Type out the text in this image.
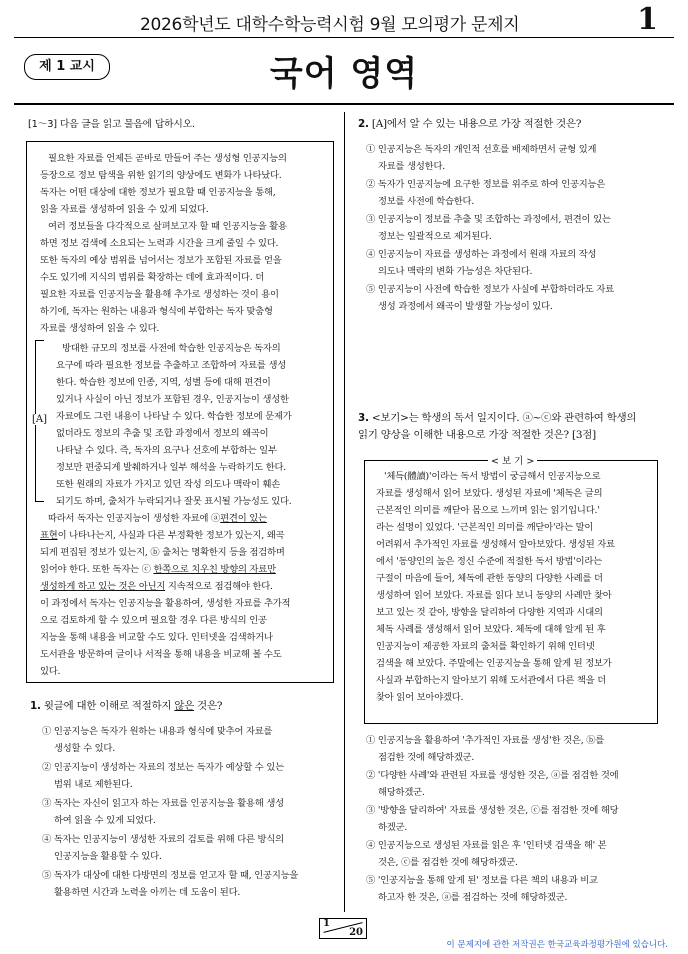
2026학년도 대학수학능력시험 9월 모의평가 문제지	1
제 1 교시	국어 영역
[1～3] 다음 글을 읽고 물음에 답하시오.
필요한 자료를 언제든 곧바로 만들어 주는 생성형 인공지능의
등장으로 정보 탐색을 위한 읽기의 양상에도 변화가 나타났다.
독자는 어떤 대상에 대한 정보가 필요할 때 인공지능을 통해,
읽을 자료를 생성하여 읽을 수 있게 되었다.
여러 정보들을 다각적으로 살펴보고자 할 때 인공지능을 활용
하면 정보 검색에 소요되는 노력과 시간을 크게 줄일 수 있다.
또한 독자의 예상 범위를 넘어서는 정보가 포함된 자료를 얻을
수도 있기에 지식의 범위를 확장하는 데에 효과적이다. 더
필요한 자료를 인공지능을 활용해 추가로 생성하는 것이 용이
하기에, 독자는 원하는 내용과 형식에 부합하는 독자 맞춤형
자료를 생성하여 읽을 수 있다.
[A]
방대한 규모의 정보를 사전에 학습한 인공지능은 독자의
요구에 따라 필요한 정보를 추출하고 조합하여 자료를 생성
한다. 학습한 정보에 인종, 지역, 성별 등에 대해 편견이
있거나 사실이 아닌 정보가 포함된 경우, 인공지능이 생성한
자료에도 그런 내용이 나타날 수 있다. 학습한 정보에 문제가
없더라도 정보의 추출 및 조합 과정에서 정보의 왜곡이
나타날 수 있다. 즉, 독자의 요구나 선호에 부합하는 일부
정보만 편중되게 발췌하거나 일부 해석을 누락하기도 한다.
또한 원래의 자료가 가지고 있던 작성 의도나 맥락이 훼손
되기도 하며, 출처가 누락되거나 잘못 표시될 가능성도 있다.
따라서 독자는 인공지능이 생성한 자료에 ⓐ편견이 있는
표현이 나타나는지, 사실과 다른 부정확한 정보가 있는지, 왜곡
되게 편집된 정보가 있는지, ⓑ 출처는 명확한지 등을 점검하며
읽어야 한다. 또한 독자는 ⓒ 한쪽으로 치우친 방향의 자료만
생성하게 하고 있는 것은 아닌지 지속적으로 점검해야 한다.
이 과정에서 독자는 인공지능을 활용하여, 생성한 자료를 추가적
으로 검토하게 할 수 있으며 필요할 경우 다른 방식의 인공
지능을 통해 내용을 비교할 수도 있다. 인터넷을 검색하거나
도서관을 방문하여 글이나 서적을 통해 내용을 비교해 볼 수도
있다.
1. 윗글에 대한 이해로 적절하지 않은 것은?
① 인공지능은 독자가 원하는 내용과 형식에 맞추어 자료를
생성할 수 있다.
② 인공지능이 생성하는 자료의 정보는 독자가 예상할 수 있는
범위 내로 제한된다.
③ 독자는 자신이 읽고자 하는 자료를 인공지능을 활용해 생성
하여 읽을 수 있게 되었다.
④ 독자는 인공지능이 생성한 자료의 검토를 위해 다른 방식의
인공지능을 활용할 수 있다.
⑤ 독자가 대상에 대한 다방면의 정보를 얻고자 할 때, 인공지능을
활용하면 시간과 노력을 아끼는 데 도움이 된다.
2. [A]에서 알 수 있는 내용으로 가장 적절한 것은?
① 인공지능은 독자의 개인적 선호를 배제하면서 균형 있게
자료를 생성한다.
② 독자가 인공지능에 요구한 정보를 위주로 하여 인공지능은
정보를 사전에 학습한다.
③ 인공지능이 정보를 추출 및 조합하는 과정에서, 편견이 있는
정보는 일괄적으로 제거된다.
④ 인공지능이 자료를 생성하는 과정에서 원래 자료의 작성
의도나 맥락의 변화 가능성은 차단된다.
⑤ 인공지능이 사전에 학습한 정보가 사실에 부합하더라도 자료
생성 과정에서 왜곡이 발생할 가능성이 있다.
3. <보기>는 학생의 독서 일지이다. ⓐ~ⓒ와 관련하여 학생의
읽기 양상을 이해한 내용으로 가장 적절한 것은? [3점]
< 보 기 >
'체득(體讀)'이라는 독서 방법이 궁금해서 인공지능으로
자료를 생성해서 읽어 보았다. 생성된 자료에 '체독은 글의
근본적인 의미를 깨닫아 몸으로 느끼며 읽는 읽기입니다.'
라는 설명이 있었다. '근본적인 의미를 깨닫아'라는 말이
어려워서 추가적인 자료를 생성해서 알아보았다. 생성된 자료
에서 '동양인의 높은 정신 수준에 적절한 독서 방법'이라는
구절이 마음에 들어, 체독에 관한 동양의 다양한 사례를 더
생성하여 읽어 보았다. 자료를 읽다 보니 동양의 사례만 찾아
보고 있는 것 같아, 방향을 달리하여 다양한 지역과 시대의
체독 사례를 생성해서 읽어 보았다. 체독에 대해 알게 된 후
인공지능이 제공한 자료의 출처를 확인하기 위해 인터넷
검색을 해 보았다. 주말에는 인공지능을 통해 알게 된 정보가
사실과 부합하는지 알아보기 위해 도서관에서 다른 책을 더
찾아 읽어 보아야겠다.
① 인공지능을 활용하여 '추가적인 자료를 생성'한 것은, ⓑ를
점검한 것에 해당하겠군.
② '다양한 사례'와 관련된 자료를 생성한 것은, ⓐ를 점검한 것에
해당하겠군.
③ '방향을 달리하여' 자료를 생성한 것은, ⓒ를 점검한 것에 해당
하겠군.
④ 인공지능으로 생성된 자료를 읽은 후 '인터넷 검색을 해' 본
것은, ⓒ를 점검한 것에 해당하겠군.
⑤ '인공지능을 통해 알게 된' 정보를 다른 책의 내용과 비교
하고자 한 것은, ⓐ를 점검하는 것에 해당하겠군.
1
20
이 문제지에 관한 저작권은 한국교육과정평가원에 있습니다.
